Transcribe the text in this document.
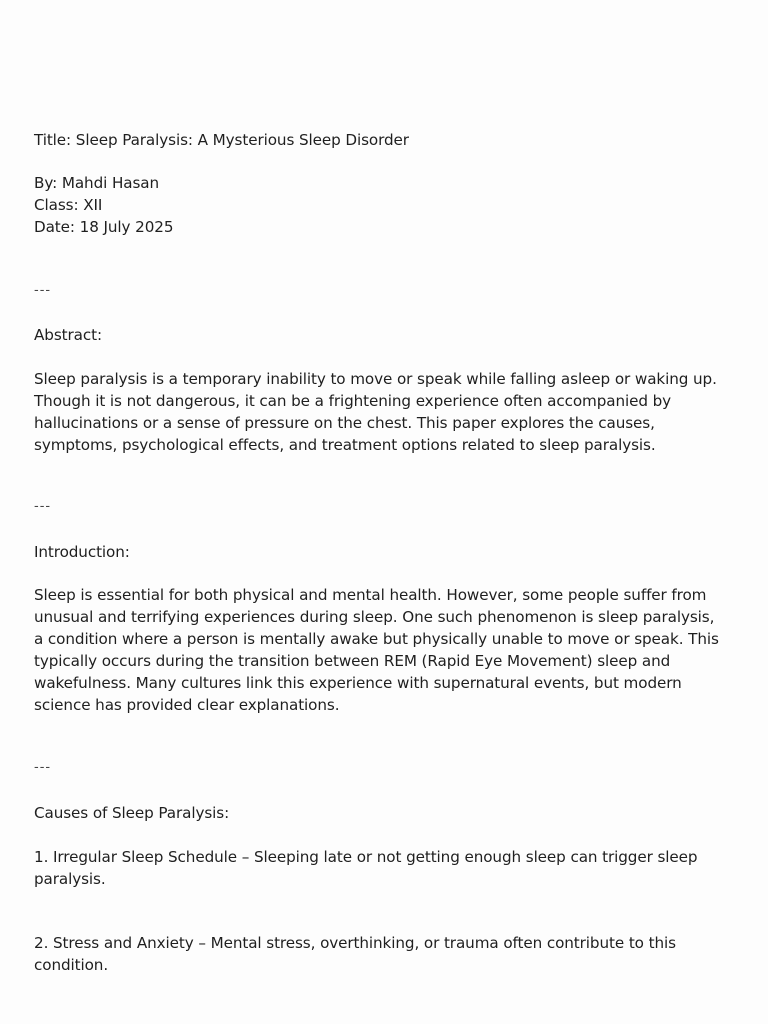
Title: Sleep Paralysis: A Mysterious Sleep Disorder
By: Mahdi Hasan
Class: XII
Date: 18 July 2025
---
Abstract:
Sleep paralysis is a temporary inability to move or speak while falling asleep or waking up.
Though it is not dangerous, it can be a frightening experience often accompanied by
hallucinations or a sense of pressure on the chest. This paper explores the causes,
symptoms, psychological effects, and treatment options related to sleep paralysis.
---
Introduction:
Sleep is essential for both physical and mental health. However, some people suffer from
unusual and terrifying experiences during sleep. One such phenomenon is sleep paralysis,
a condition where a person is mentally awake but physically unable to move or speak. This
typically occurs during the transition between REM (Rapid Eye Movement) sleep and
wakefulness. Many cultures link this experience with supernatural events, but modern
science has provided clear explanations.
---
Causes of Sleep Paralysis:
1. Irregular Sleep Schedule – Sleeping late or not getting enough sleep can trigger sleep
paralysis.
2. Stress and Anxiety – Mental stress, overthinking, or trauma often contribute to this
condition.
